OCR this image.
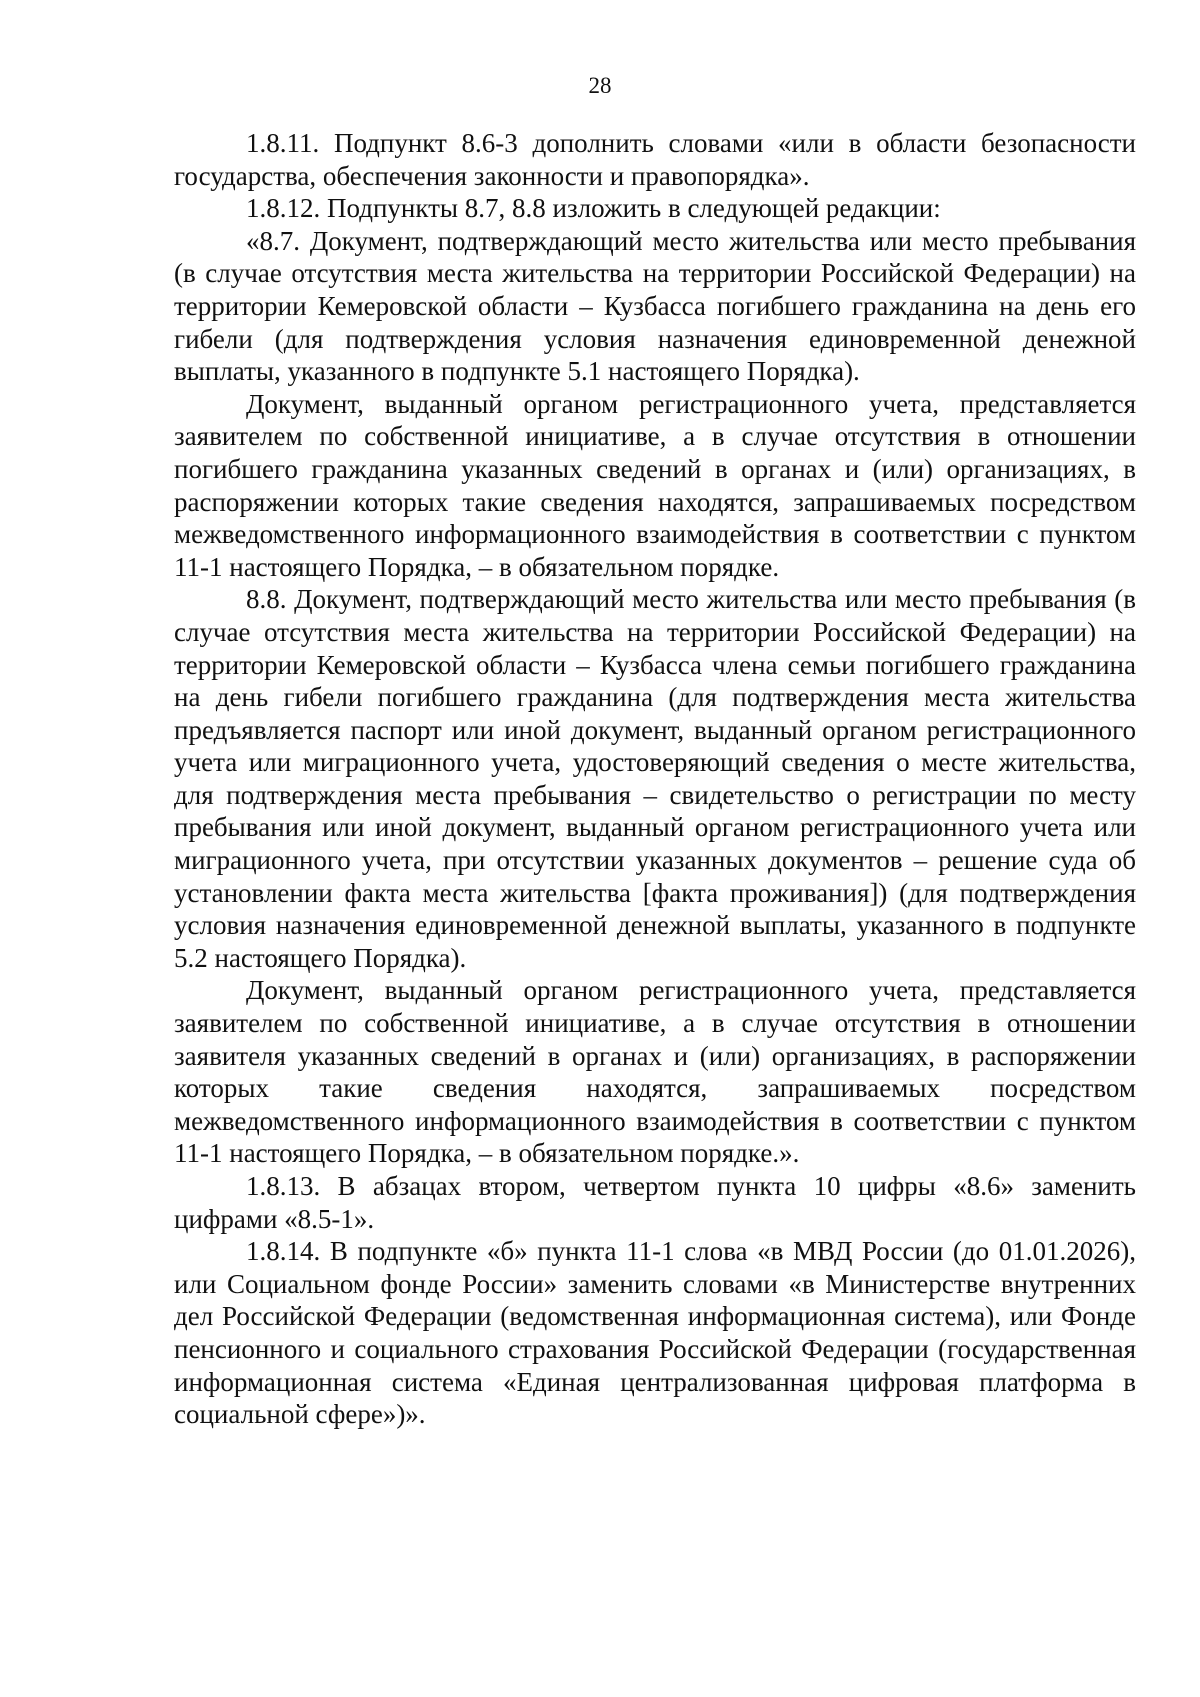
28

1.8.11. Подпункт 8.6-3 дополнить словами «или в области безопасности государства, обеспечения законности и правопорядка».

1.8.12. Подпункты 8.7, 8.8 изложить в следующей редакции:

«8.7. Документ, подтверждающий место жительства или место пребывания (в случае отсутствия места жительства на территории Российской Федерации) на территории Кемеровской области – Кузбасса погибшего гражданина на день его гибели (для подтверждения условия назначения единовременной денежной выплаты, указанного в подпункте 5.1 настоящего Порядка).

Документ, выданный органом регистрационного учета, представляется заявителем по собственной инициативе, а в случае отсутствия в отношении погибшего гражданина указанных сведений в органах и (или) организациях, в распоряжении которых такие сведения находятся, запрашиваемых посредством межведомственного информационного взаимодействия в соответствии с пунктом 11-1 настоящего Порядка, – в обязательном порядке.

8.8. Документ, подтверждающий место жительства или место пребывания (в случае отсутствия места жительства на территории Российской Федерации) на территории Кемеровской области – Кузбасса члена семьи погибшего гражданина на день гибели погибшего гражданина (для подтверждения места жительства предъявляется паспорт или иной документ, выданный органом регистрационного учета или миграционного учета, удостоверяющий сведения о месте жительства, для подтверждения места пребывания – свидетельство о регистрации по месту пребывания или иной документ, выданный органом регистрационного учета или миграционного учета, при отсутствии указанных документов – решение суда об установлении факта места жительства [факта проживания]) (для подтверждения условия назначения единовременной денежной выплаты, указанного в подпункте 5.2 настоящего Порядка).

Документ, выданный органом регистрационного учета, представляется заявителем по собственной инициативе, а в случае отсутствия в отношении заявителя указанных сведений в органах и (или) организациях, в распоряжении которых такие сведения находятся, запрашиваемых посредством межведомственного информационного взаимодействия в соответствии с пунктом 11-1 настоящего Порядка, – в обязательном порядке.».

1.8.13. В абзацах втором, четвертом пункта 10 цифры «8.6» заменить цифрами «8.5-1».

1.8.14. В подпункте «б» пункта 11-1 слова «в МВД России (до 01.01.2026), или Социальном фонде России» заменить словами «в Министерстве внутренних дел Российской Федерации (ведомственная информационная система), или Фонде пенсионного и социального страхования Российской Федерации (государственная информационная система «Единая централизованная цифровая платформа в социальной сфере»)».
